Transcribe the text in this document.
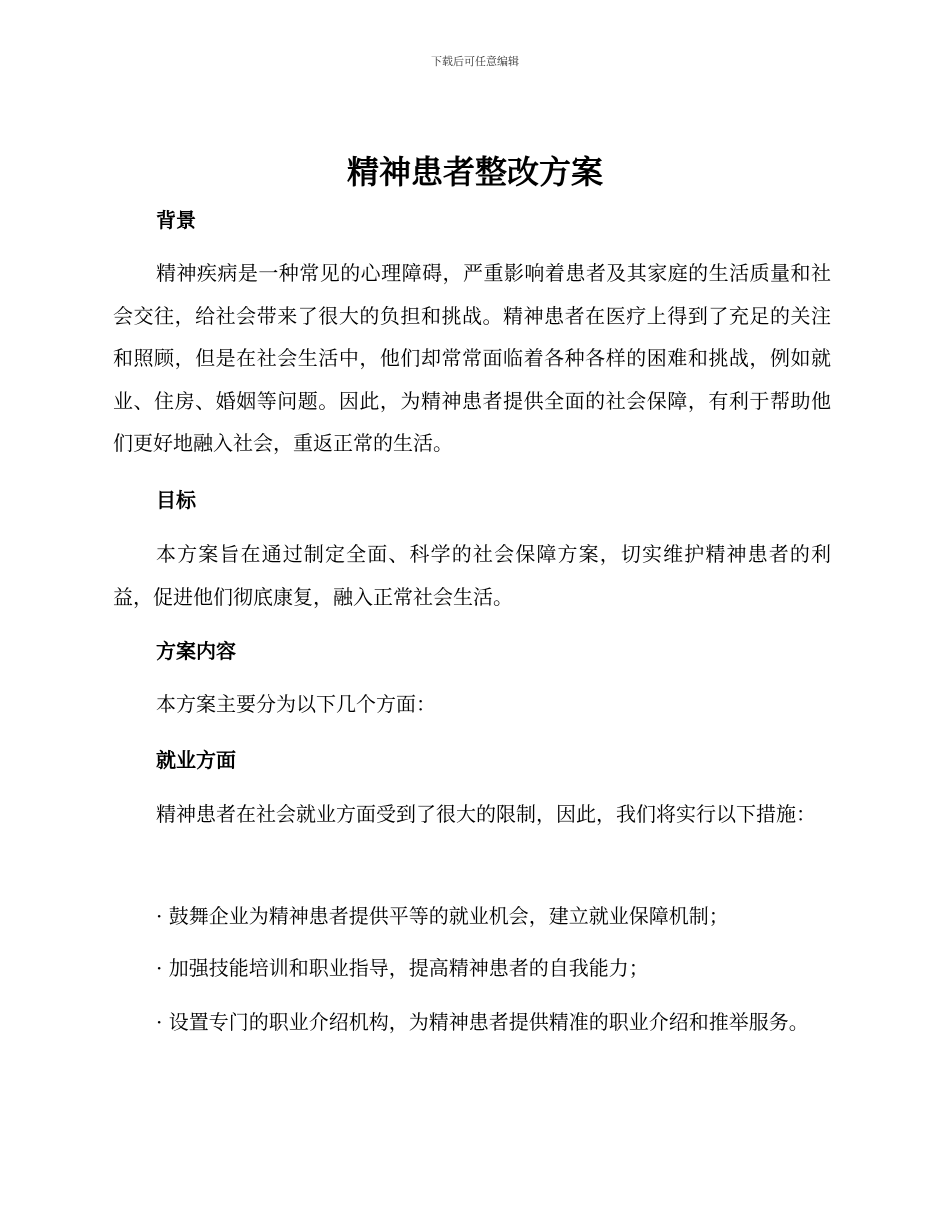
下载后可任意编辑
精神患者整改方案
背景

精神疾病是一种常见的心理障碍，严重影响着患者及其家庭的生活质量和社会交往，给社会带来了很大的负担和挑战。精神患者在医疗上得到了充足的关注和照顾，但是在社会生活中，他们却常常面临着各种各样的困难和挑战，例如就业、住房、婚姻等问题。因此，为精神患者提供全面的社会保障，有利于帮助他们更好地融入社会，重返正常的生活。

目标

本方案旨在通过制定全面、科学的社会保障方案，切实维护精神患者的利益，促进他们彻底康复，融入正常社会生活。

方案内容

本方案主要分为以下几个方面：

就业方面

精神患者在社会就业方面受到了很大的限制，因此，我们将实行以下措施：

· 鼓舞企业为精神患者提供平等的就业机会，建立就业保障机制；

· 加强技能培训和职业指导，提高精神患者的自我能力；

· 设置专门的职业介绍机构，为精神患者提供精准的职业介绍和推举服务。
